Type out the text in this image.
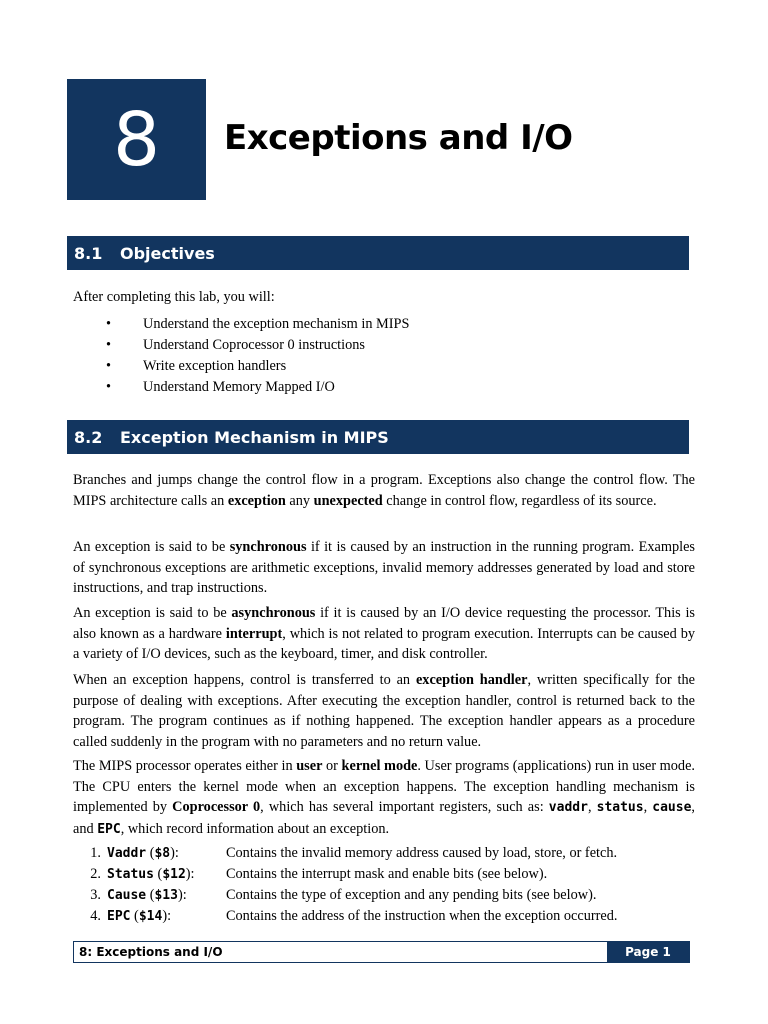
8 Exceptions and I/O
8.1	Objectives
After completing this lab, you will:
• Understand the exception mechanism in MIPS
• Understand Coprocessor 0 instructions
• Write exception handlers
• Understand Memory Mapped I/O
8.2	Exception Mechanism in MIPS
Branches and jumps change the control flow in a program. Exceptions also change the control flow. The MIPS architecture calls an exception any unexpected change in control flow, regardless of its source.
An exception is said to be synchronous if it is caused by an instruction in the running program. Examples of synchronous exceptions are arithmetic exceptions, invalid memory addresses generated by load and store instructions, and trap instructions.
An exception is said to be asynchronous if it is caused by an I/O device requesting the processor. This is also known as a hardware interrupt, which is not related to program execution. Interrupts can be caused by a variety of I/O devices, such as the keyboard, timer, and disk controller.
When an exception happens, control is transferred to an exception handler, written specifically for the purpose of dealing with exceptions. After executing the exception handler, control is returned back to the program. The program continues as if nothing happened. The exception handler appears as a procedure called suddenly in the program with no parameters and no return value.
The MIPS processor operates either in user or kernel mode. User programs (applications) run in user mode. The CPU enters the kernel mode when an exception happens. The exception handling mechanism is implemented by Coprocessor 0, which has several important registers, such as: vaddr, status, cause, and EPC, which record information about an exception.
1. Vaddr ($8):	Contains the invalid memory address caused by load, store, or fetch.
2. Status ($12):	Contains the interrupt mask and enable bits (see below).
3. Cause ($13):	Contains the type of exception and any pending bits (see below).
4. EPC ($14):	Contains the address of the instruction when the exception occurred.
8: Exceptions and I/O	Page 1
